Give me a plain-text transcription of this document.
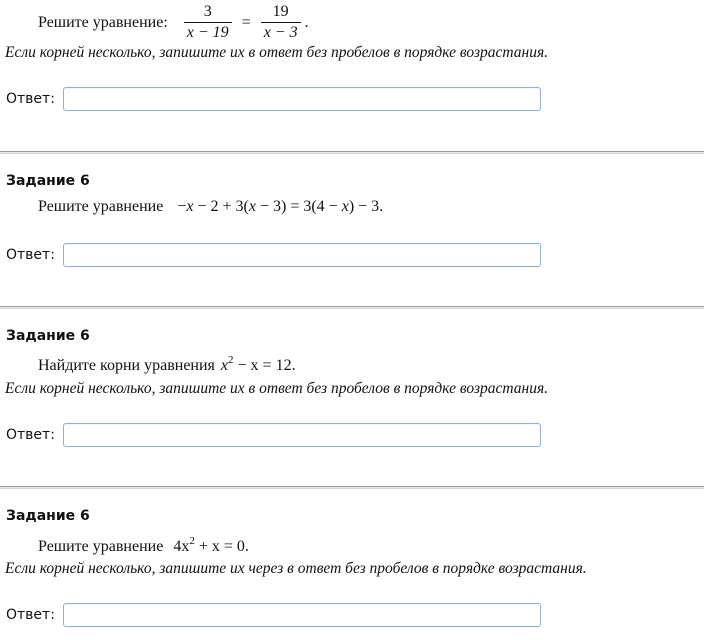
Решите уравнение: $\frac{3}{x - 19} = \frac{19}{x - 3}$ .
Если корней несколько, запишите их в ответ без пробелов в порядке возрастания.
Ответ:
Задание 6
Решите уравнение −x − 2 + 3(x − 3) = 3(4 − x) − 3.
Ответ:
Задание 6
Найдите корни уравнения $x^2 - x = 12$.
Если корней несколько, запишите их в ответ без пробелов в порядке возрастания.
Ответ:
Задание 6
Решите уравнение $4x^2 + x = 0$.
Если корней несколько, запишите их через в ответ без пробелов в порядке возрастания.
Ответ:
